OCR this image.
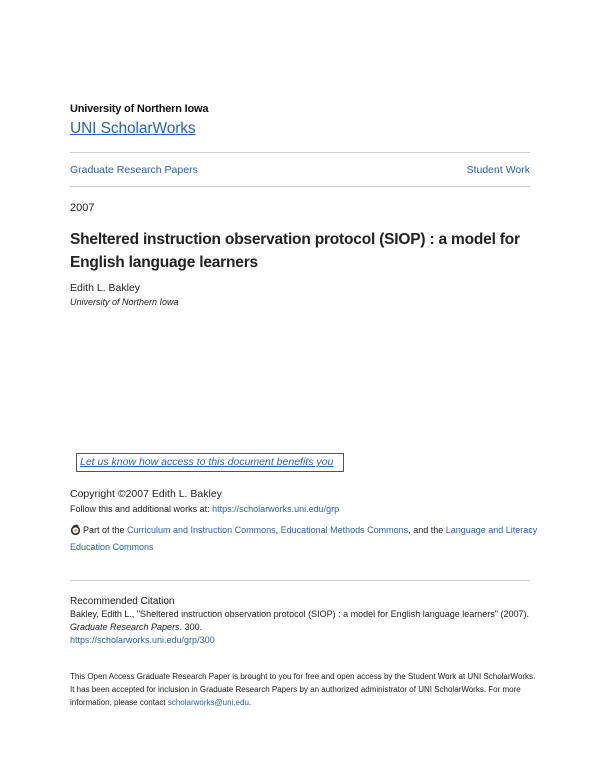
University of Northern Iowa
UNI ScholarWorks
Graduate Research Papers	Student Work
2007
Sheltered instruction observation protocol (SIOP) : a model for English language learners
Edith L. Bakley
University of Northern Iowa
Let us know how access to this document benefits you
Copyright ©2007 Edith L. Bakley
Follow this and additional works at: https://scholarworks.uni.edu/grp
Part of the Curriculum and Instruction Commons, Educational Methods Commons, and the Language and Literacy Education Commons
Recommended Citation
Bakley, Edith L., "Sheltered instruction observation protocol (SIOP) : a model for English language learners" (2007). Graduate Research Papers. 300.
https://scholarworks.uni.edu/grp/300
This Open Access Graduate Research Paper is brought to you for free and open access by the Student Work at UNI ScholarWorks. It has been accepted for inclusion in Graduate Research Papers by an authorized administrator of UNI ScholarWorks. For more information, please contact scholarworks@uni.edu.
